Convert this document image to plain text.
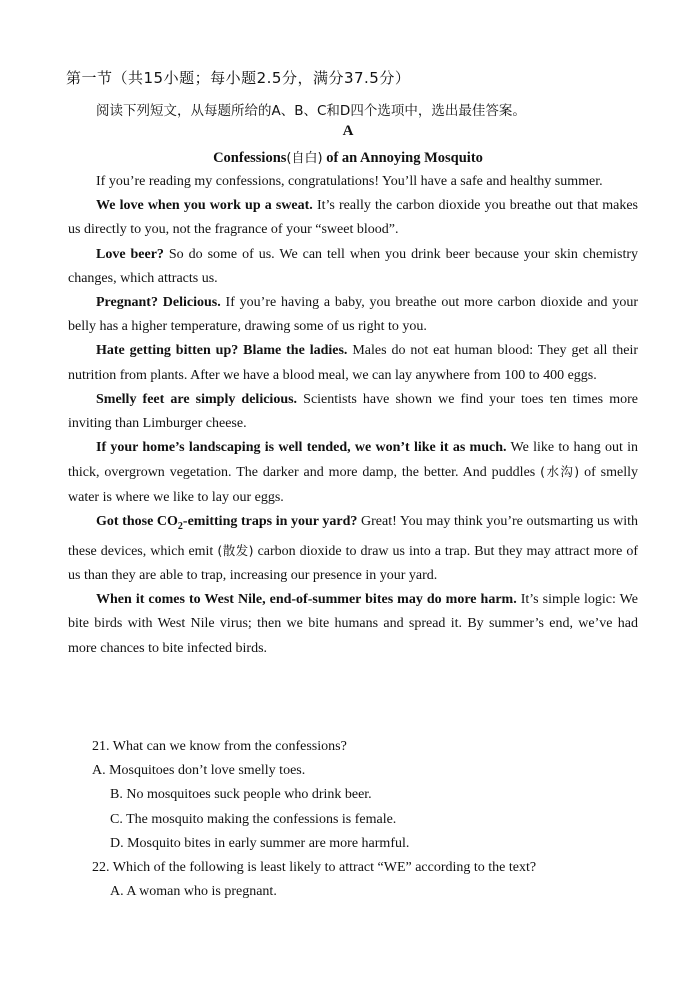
第一节（共15小题；每小题2.5分，满分37.5分）
阅读下列短文，从每题所给的A、B、C和D四个选项中，选出最佳答案。
A
Confessions(自白) of an Annoying Mosquito

If you’re reading my confessions, congratulations! You’ll have a safe and healthy summer.

We love when you work up a sweat. It’s really the carbon dioxide you breathe out that makes us directly to you, not the fragrance of your “sweet blood”.

Love beer? So do some of us. We can tell when you drink beer because your skin chemistry changes, which attracts us.

Pregnant? Delicious. If you’re having a baby, you breathe out more carbon dioxide and your belly has a higher temperature, drawing some of us right to you.

Hate getting bitten up? Blame the ladies. Males do not eat human blood: They get all their nutrition from plants. After we have a blood meal, we can lay anywhere from 100 to 400 eggs.

Smelly feet are simply delicious. Scientists have shown we find your toes ten times more inviting than Limburger cheese.

If your home’s landscaping is well tended, we won’t like it as much. We like to hang out in thick, overgrown vegetation. The darker and more damp, the better. And puddles (水沟) of smelly water is where we like to lay our eggs.

Got those $CO_2$-emitting traps in your yard? Great! You may think you’re outsmarting us with these devices, which emit (散发) carbon dioxide to draw us into a trap. But they may attract more of us than they are able to trap, increasing our presence in your yard.

When it comes to West Nile, end-of-summer bites may do more harm. It’s simple logic: We bite birds with West Nile virus; then we bite humans and spread it. By summer’s end, we’ve had more chances to bite infected birds.

21. What can we know from the confessions?

A. Mosquitoes don’t love smelly toes.
B. No mosquitoes suck people who drink beer.
C. The mosquito making the confessions is female.
D. Mosquito bites in early summer are more harmful.

22. Which of the following is least likely to attract “WE” according to the text?

A. A woman who is pregnant.
